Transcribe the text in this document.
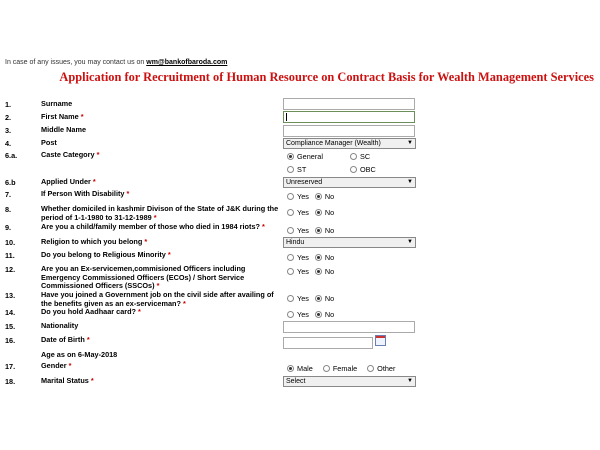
In case of any issues, you may contact us on wm@bankofbaroda.com
Application for Recruitment of Human Resource on Contract Basis for Wealth Management Services
1.	Surname
2.	First Name *
3.	Middle Name
4.	Post	Compliance Manager (Wealth)	▼
6.a.	Caste Category *	General	SC
ST	OBC
6.b	Applied Under *	Unreserved	▼
7.	If Person With Disability *	Yes No
8.	Whether domiciled in kashmir Divison of the State of J&K during the period of 1-1-1980 to 31-12-1989 *
Yes No
9.	Are you a child/family member of those who died in 1984 riots? *	Yes No
10.	Religion to which you belong *	Hindu	▼
11.	Do you belong to Religious Minority *	Yes No
12.	Are you an Ex-servicemen,commisioned Officers including Emergency Commissioned Officers (ECOs) / Short Service Commissioned Officers (SSCOs) *
Yes No
13.	Have you joined a Government job on the civil side after availing of the benefits given as an ex-serviceman? *
Yes No
14.	Do you hold Aadhaar card? *	Yes No
15.	Nationality
16.	Date of Birth *
Age as on 6-May-2018
17.	Gender *	Male	Female	Other
18.	Marital Status *	Select	▼
